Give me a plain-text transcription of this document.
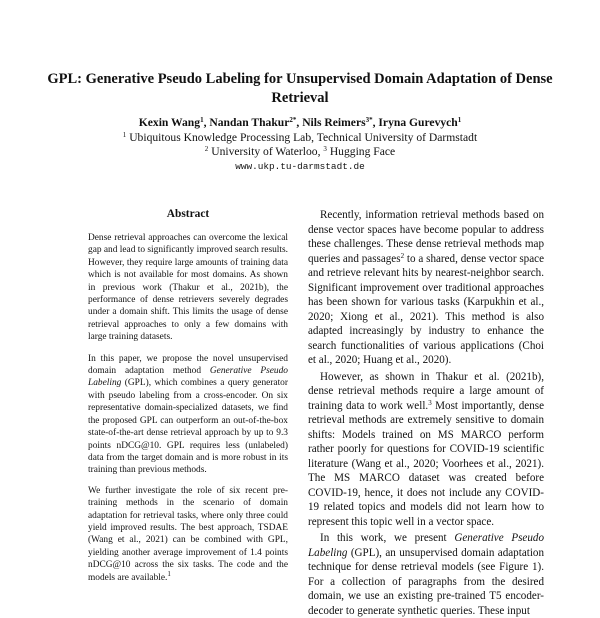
GPL: Generative Pseudo Labeling for Unsupervised Domain Adaptation of Dense Retrieval
Kexin Wang$^1$, Nandan Thakur$^{2*}$, Nils Reimers$^{3*}$, Iryna Gurevych$^1$
$^1$ Ubiquitous Knowledge Processing Lab, Technical University of Darmstadt
$^2$ University of Waterloo, $^3$ Hugging Face
www.ukp.tu-darmstadt.de
Abstract

Dense retrieval approaches can overcome the lexical gap and lead to significantly improved search results. However, they require large amounts of training data which is not available for most domains. As shown in previous work (Thakur et al., 2021b), the performance of dense retrievers severely degrades under a domain shift. This limits the usage of dense retrieval approaches to only a few domains with large training datasets.

In this paper, we propose the novel unsupervised domain adaptation method Generative Pseudo Labeling (GPL), which combines a query generator with pseudo labeling from a cross-encoder. On six representative domain-specialized datasets, we find the proposed GPL can outperform an out-of-the-box state-of-the-art dense retrieval approach by up to 9.3 points nDCG@10. GPL requires less (unlabeled) data from the target domain and is more robust in its training than previous methods.

We further investigate the role of six recent pre-training methods in the scenario of domain adaptation for retrieval tasks, where only three could yield improved results. The best approach, TSDAE (Wang et al., 2021) can be combined with GPL, yielding another average improvement of 1.4 points nDCG@10 across the six tasks. The code and the models are available.$^1$

Recently, information retrieval methods based on dense vector spaces have become popular to address these challenges. These dense retrieval methods map queries and passages$^2$ to a shared, dense vector space and retrieve relevant hits by nearest-neighbor search. Significant improvement over traditional approaches has been shown for various tasks (Karpukhin et al., 2020; Xiong et al., 2021). This method is also adapted increasingly by industry to enhance the search functionalities of various applications (Choi et al., 2020; Huang et al., 2020).

However, as shown in Thakur et al. (2021b), dense retrieval methods require a large amount of training data to work well.$^3$ Most importantly, dense retrieval methods are extremely sensitive to domain shifts: Models trained on MS MARCO perform rather poorly for questions for COVID-19 scientific literature (Wang et al., 2020; Voorhees et al., 2021). The MS MARCO dataset was created before COVID-19, hence, it does not include any COVID-19 related topics and models did not learn how to represent this topic well in a vector space.

In this work, we present Generative Pseudo Labeling (GPL), an unsupervised domain adaptation technique for dense retrieval models (see Figure 1). For a collection of paragraphs from the desired domain, we use an existing pre-trained T5 encoder-decoder to generate synthetic queries. These input
